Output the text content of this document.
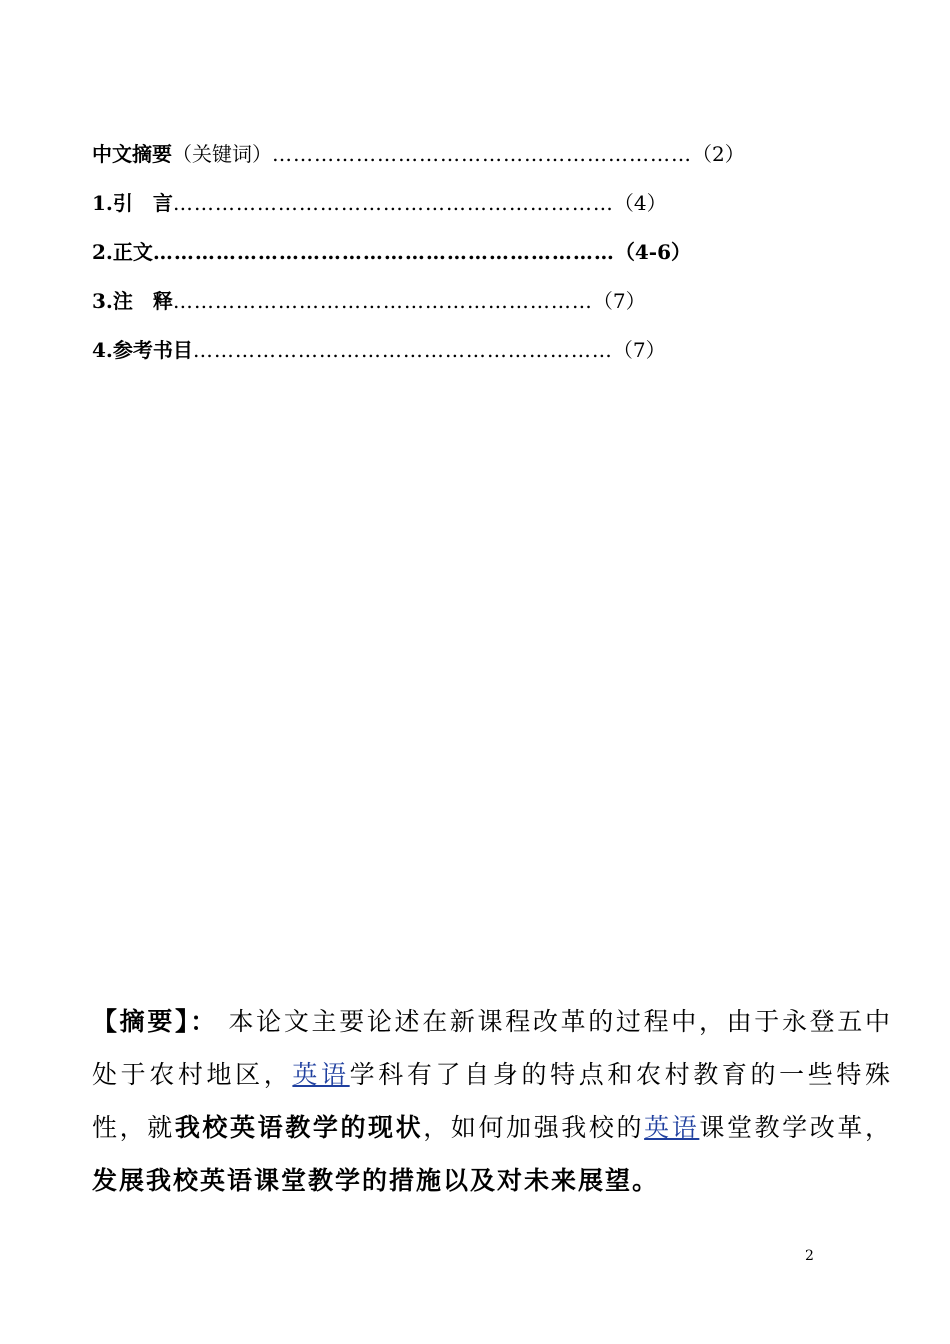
中文摘要（关键词）……………………………………………………（2）
1.引　言………………………………………………………（4）
2.正文…………………………………………………………（4-6）
3.注　释……………………………………………………（7）
4.参考书目……………………………………………………（7）
【摘要】： 本论文主要论述在新课程改革的过程中，由于永登五中处于农村地区，英语学科有了自身的特点和农村教育的一些特殊性，就我校英语教学的现状，如何加强我校的英语课堂教学改革，发展我校英语课堂教学的措施以及对未来展望。
2
